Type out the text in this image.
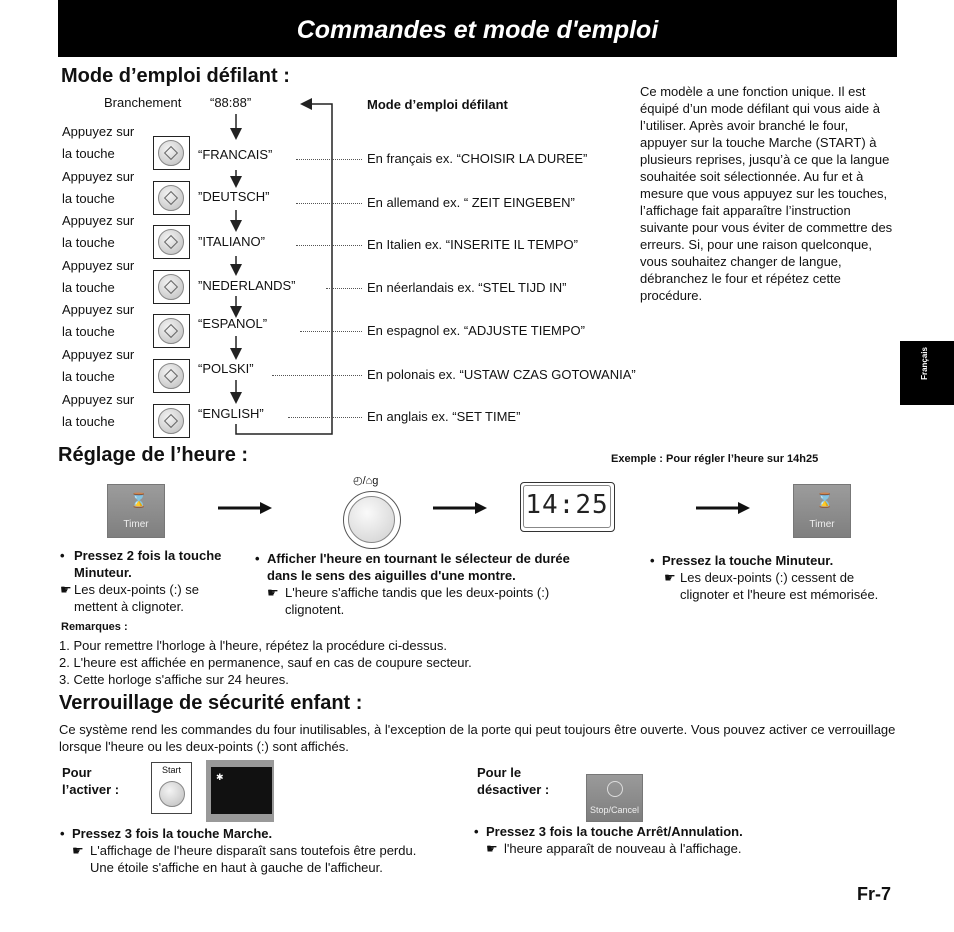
Commandes et mode d'emploi
Français
Mode d’emploi défilant :
Branchement “88:88”	Mode d’emploi défilant
Appuyez sur
la touche	“FRANCAIS”	En français ex. “CHOISIR LA DUREE”
Appuyez sur
la touche	”DEUTSCH”	En allemand ex. “ ZEIT EINGEBEN”
Appuyez sur
la touche	”ITALIANO”	En Italien ex. “INSERITE IL TEMPO”
Appuyez sur
la touche	”NEDERLANDS”	En néerlandais ex. “STEL TIJD IN”
Appuyez sur
la touche
“ESPANOL”	En espagnol ex. “ADJUSTE TIEMPO”
Appuyez sur
la touche
“POLSKI”	En polonais ex. “USTAW CZAS GOTOWANIA”
Appuyez sur
la touche
“ENGLISH”	En anglais ex. “SET TIME”
Ce modèle a une fonction unique. Il est équipé d’un mode défilant qui vous aide à l’utiliser. Après avoir branché le four, appuyer sur la touche Marche (START) à plusieurs reprises, jusqu’à ce que la langue souhaitée soit sélectionnée. Au fur et à mesure que vous appuyez sur les touches, l’affichage fait apparaître l’instruction suivante pour vous éviter de commettre des erreurs. Si, pour une raison quelconque, vous souhaitez changer de langue, débranchez le four et répétez cette procédure.
Réglage de l’heure :	Exemple : Pour régler l’heure sur 14h25
⌛
Timer
◴/⌂g
14:25	⌛
Timer
• Pressez 2 fois la touche Minuteur.
☛ Les deux-points (:) se mettent à clignoter.
• Afficher l'heure en tournant le sélecteur de durée dans le sens des aiguilles d'une montre.
☛ L'heure s'affiche tandis que les deux-points (:) clignotent.
• Pressez la touche Minuteur.
☛ Les deux-points (:) cessent de clignoter et l'heure est mémorisée.
Remarques :
1. Pour remettre l'horloge à l'heure, répétez la procédure ci-dessus.
2. L'heure est affichée en permanence, sauf en cas de coupure secteur.
3. Cette horloge s'affiche sur 24 heures.
Verrouillage de sécurité enfant :
Ce système rend les commandes du four inutilisables, à l'exception de la porte qui peut toujours être ouverte. Vous pouvez activer ce verrouillage lorsque l'heure ou les deux-points (:) sont affichés.
Pour
l’activer :
Start
✱	Pour le
désactiver :
Stop/Cancel
• Pressez 3 fois la touche Marche.
☛ L'affichage de l'heure disparaît sans toutefois être perdu. Une étoile s'affiche en haut à gauche de l'afficheur.
• Pressez 3 fois la touche Arrêt/Annulation.
☛ l'heure apparaît de nouveau à l'affichage.
Fr-7
